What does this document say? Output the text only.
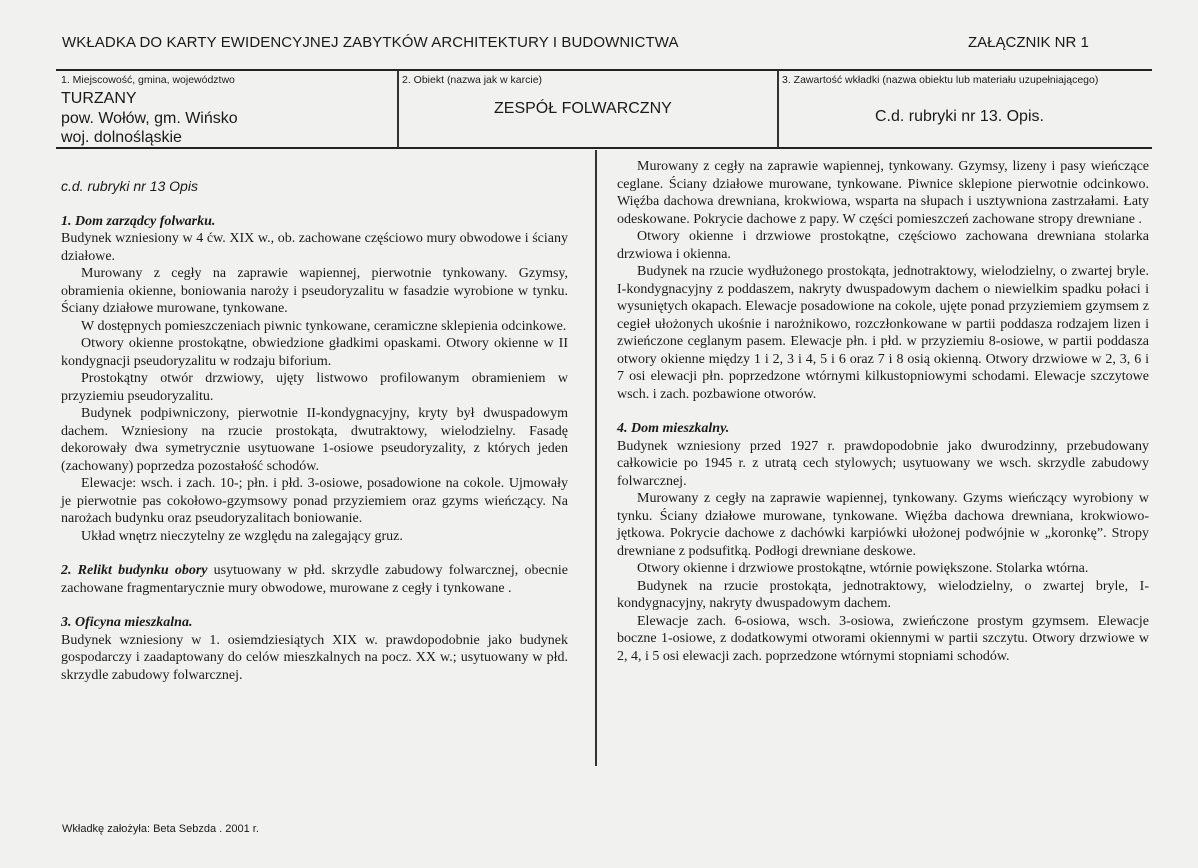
WKŁADKA DO KARTY EWIDENCYJNEJ ZABYTKÓW ARCHITEKTURY I BUDOWNICTWA	ZAŁĄCZNIK NR 1
1. Miejscowość, gmina, województwo
TURZANY
pow. Wołów, gm. Wińsko
woj. dolnośląskie
2. Obiekt (nazwa jak w karcie)
ZESPÓŁ FOLWARCZNY
3. Zawartość wkładki (nazwa obiektu lub materiału uzupełniającego)
C.d. rubryki nr 13. Opis.

c.d. rubryki nr 13 Opis

1. Dom zarządcy folwarku.

Budynek wzniesiony w 4 ćw. XIX w., ob. zachowane częściowo mury obwodowe i ściany działowe.

Murowany z cegły na zaprawie wapiennej, pierwotnie tynkowany. Gzymsy, obramienia okienne, boniowania naroży i pseudoryzalitu w fasadzie wyrobione w tynku. Ściany działowe murowane, tynkowane.

W dostępnych pomieszczeniach piwnic tynkowane, ceramiczne sklepienia odcinkowe.

Otwory okienne prostokątne, obwiedzione gładkimi opaskami. Otwory okienne w II kondygnacji pseudoryzalitu w rodzaju biforium.

Prostokątny otwór drzwiowy, ujęty listwowo profilowanym obramieniem w przyziemiu pseudoryzalitu.

Budynek podpiwniczony, pierwotnie II-kondygnacyjny, kryty był dwuspadowym dachem. Wzniesiony na rzucie prostokąta, dwutraktowy, wielodzielny. Fasadę dekorowały dwa symetrycznie usytuowane 1-osiowe pseudoryzality, z których jeden (zachowany) poprzedza pozostałość schodów.

Elewacje: wsch. i zach. 10-; płn. i płd. 3-osiowe, posadowione na cokole. Ujmowały je pierwotnie pas cokołowo-gzymsowy ponad przyziemiem oraz gzyms wieńczący. Na narożach budynku oraz pseudoryzalitach boniowanie.

Układ wnętrz nieczytelny ze względu na zalegający gruz.

2. Relikt budynku obory usytuowany w płd. skrzydle zabudowy folwarcznej, obecnie zachowane fragmentarycznie mury obwodowe, murowane z cegły i tynkowane .

3. Oficyna mieszkalna.

Budynek wzniesiony w 1. osiemdziesiątych XIX w. prawdopodobnie jako budynek gospodarczy i zaadaptowany do celów mieszkalnych na pocz. XX w.; usytuowany w płd. skrzydle zabudowy folwarcznej.

Murowany z cegły na zaprawie wapiennej, tynkowany. Gzymsy, lizeny i pasy wieńczące ceglane. Ściany działowe murowane, tynkowane. Piwnice sklepione pierwotnie odcinkowo. Więźba dachowa drewniana, krokwiowa, wsparta na słupach i usztywniona zastrzałami. Łaty odeskowane. Pokrycie dachowe z papy. W części pomieszczeń zachowane stropy drewniane .

Otwory okienne i drzwiowe prostokątne, częściowo zachowana drewniana stolarka drzwiowa i okienna.

Budynek na rzucie wydłużonego prostokąta, jednotraktowy, wielodzielny, o zwartej bryle. I-kondygnacyjny z poddaszem, nakryty dwuspadowym dachem o niewielkim spadku połaci i wysuniętych okapach. Elewacje posadowione na cokole, ujęte ponad przyziemiem gzymsem z cegieł ułożonych ukośnie i narożnikowo, rozczłonkowane w partii poddasza rodzajem lizen i zwieńczone ceglanym pasem. Elewacje płn. i płd. w przyziemiu 8-osiowe, w partii poddasza otwory okienne między 1 i 2, 3 i 4, 5 i 6 oraz 7 i 8 osią okienną. Otwory drzwiowe w 2, 3, 6 i 7 osi elewacji płn. poprzedzone wtórnymi kilkustopniowymi schodami. Elewacje szczytowe wsch. i zach. pozbawione otworów.

4. Dom mieszkalny.

Budynek wzniesiony przed 1927 r. prawdopodobnie jako dwurodzinny, przebudowany całkowicie po 1945 r. z utratą cech stylowych; usytuowany we wsch. skrzydle zabudowy folwarcznej.

Murowany z cegły na zaprawie wapiennej, tynkowany. Gzyms wieńczący wyrobiony w tynku. Ściany działowe murowane, tynkowane. Więźba dachowa drewniana, krokwiowo-jętkowa. Pokrycie dachowe z dachówki karpiówki ułożonej podwójnie w „koronkę”. Stropy drewniane z podsufitką. Podłogi drewniane deskowe.

Otwory okienne i drzwiowe prostokątne, wtórnie powiększone. Stolarka wtórna.

Budynek na rzucie prostokąta, jednotraktowy, wielodzielny, o zwartej bryle, I-kondygnacyjny, nakryty dwuspadowym dachem.

Elewacje zach. 6-osiowa, wsch. 3-osiowa, zwieńczone prostym gzymsem. Elewacje boczne 1-osiowe, z dodatkowymi otworami okiennymi w partii szczytu. Otwory drzwiowe w 2, 4, i 5 osi elewacji zach. poprzedzone wtórnymi stopniami schodów.

Wkładkę założyła: Beta Sebzda . 2001 r.
